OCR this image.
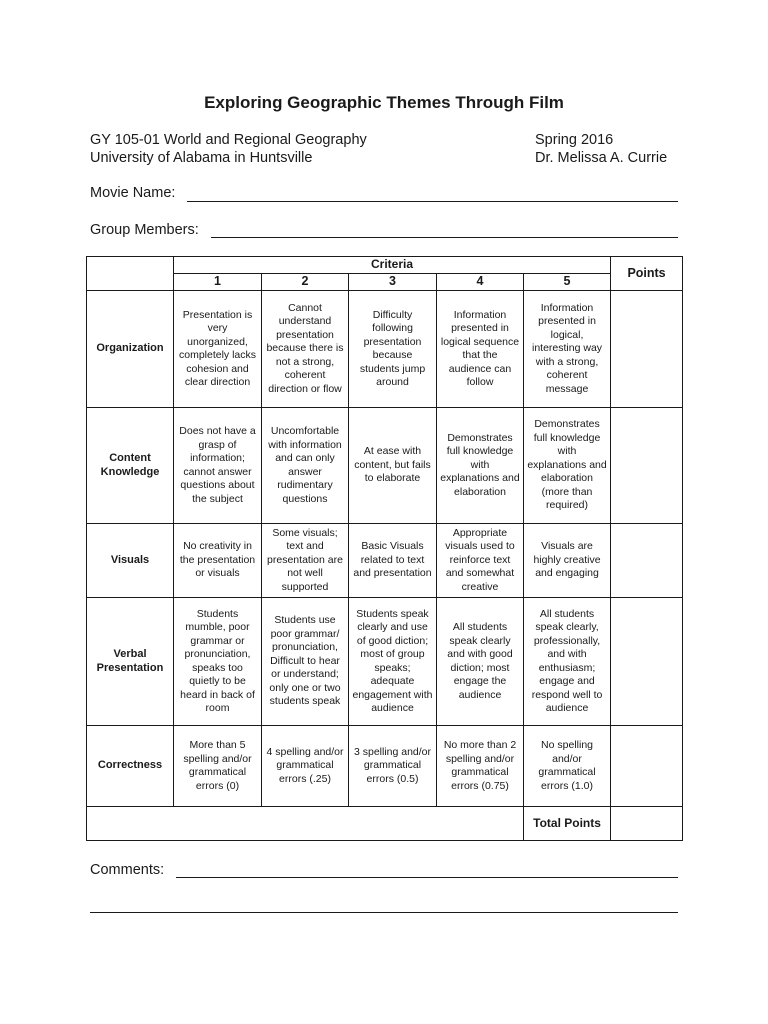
Exploring Geographic Themes Through Film
GY 105-01 World and Regional Geography
University of Alabama in Huntsville
Spring 2016
Dr. Melissa A. Currie
Movie Name:
Group Members:
	Criteria					Points
	1	2	3	4	5	
Organization	Presentation is very unorganized, completely lacks cohesion and clear direction	Cannot understand presentation because there is not a strong, coherent direction or flow	Difficulty following presentation because students jump around	Information presented in logical sequence that the audience can follow	Information presented in logical, interesting way with a strong, coherent message	
Content Knowledge	Does not have a grasp of information; cannot answer questions about the subject	Uncomfortable with information and can only answer rudimentary questions	At ease with content, but fails to elaborate	Demonstrates full knowledge with explanations and elaboration	Demonstrates full knowledge with explanations and elaboration (more than required)	
Visuals	No creativity in the presentation or visuals	Some visuals; text and presentation are not well supported	Basic Visuals related to text and presentation	Appropriate visuals used to reinforce text and somewhat creative	Visuals are highly creative and engaging	
Verbal Presentation	Students mumble, poor grammar or pronunciation, speaks too quietly to be heard in back of room	Students use poor grammar/ pronunciation, Difficult to hear or understand; only one or two students speak	Students speak clearly and use of good diction; most of group speaks; adequate engagement with audience	All students speak clearly and with good diction; most engage the audience	All students speak clearly, professionally, and with enthusiasm; engage and respond well to audience	
Correctness	More than 5 spelling and/or grammatical errors (0)	4 spelling and/or grammatical errors (.25)	3 spelling and/or grammatical errors (0.5)	No more than 2 spelling and/or grammatical errors (0.75)	No spelling and/or grammatical errors (1.0)	
					Total Points	
Comments:
